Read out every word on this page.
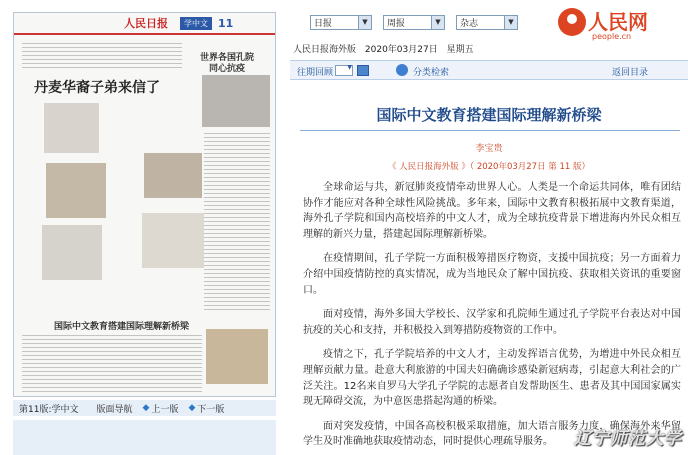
人民日报	学中文 11
丹麦华裔子弟来信了
世界各国孔院同心抗疫
国际中文教育搭建国际理解新桥梁
第11版:学中文 版面导航 ◆ 上一版 ◆ 下一版
日报	▼	周报	▼	杂志	▼	人民网
people.cn
人民日报海外版 2020年03月27日 星期五
往期回顾
▼	分类检索	返回目录
国际中文教育搭建国际理解新桥梁
李宝贵
《 人民日报海外版 》（ 2020年03月27日 第 11 版）

全球命运与共，新冠肺炎疫情牵动世界人心。人类是一个命运共同体，唯有团结协作才能应对各种全球性风险挑战。多年来，国际中文教育积极拓展中文教育渠道，海外孔子学院和国内高校培养的中文人才，成为全球抗疫背景下增进海内外民众相互理解的新兴力量，搭建起国际理解新桥梁。

在疫情期间，孔子学院一方面积极筹措医疗物资，支援中国抗疫；另一方面着力介绍中国疫情防控的真实情况，成为当地民众了解中国抗疫、获取相关资讯的重要窗口。

面对疫情，海外多国大学校长、汉学家和孔院师生通过孔子学院平台表达对中国抗疫的关心和支持，并积极投入到筹措防疫物资的工作中。

疫情之下，孔子学院培养的中文人才，主动发挥语言优势，为增进中外民众相互理解贡献力量。赴意大利旅游的中国夫妇确确诊感染新冠病毒，引起意大利社会的广泛关注。12名来自罗马大学孔子学院的志愿者自发帮助医生、患者及其中国国家属实现无障碍交流，为中意医患搭起沟通的桥梁。

面对突发疫情，中国各高校积极采取措施，加大语言服务力度，确保海外来华留学生及时准确地获取疫情动态，同时提供心理疏导服务。	辽宁师范大学
